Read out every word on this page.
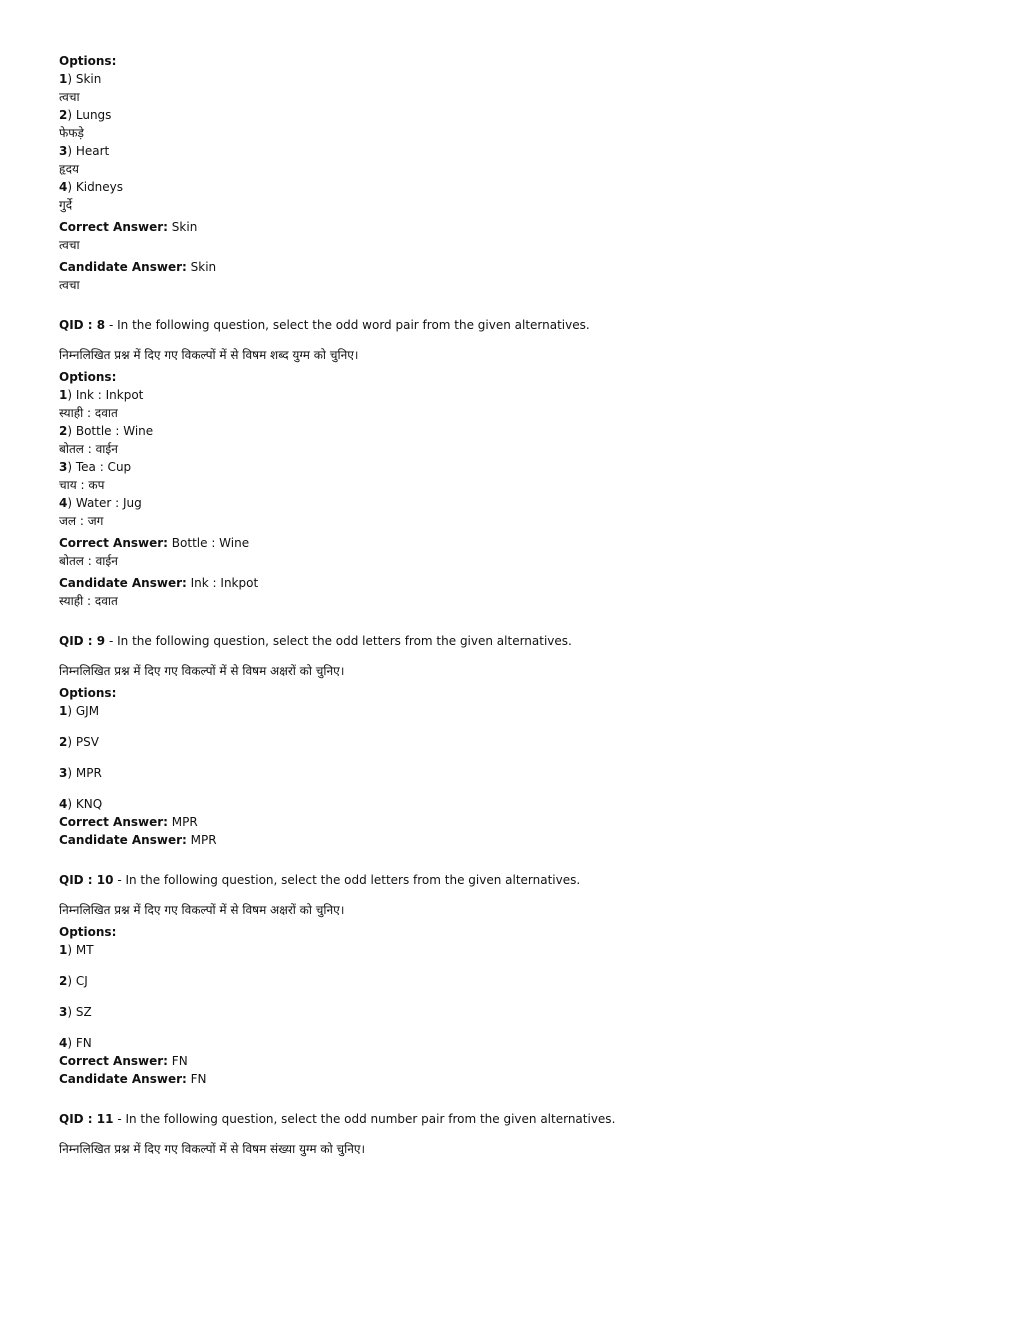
Options:
1) Skin
त्वचा
2) Lungs
फेफड़े
3) Heart
हृदय
4) Kidneys
गुर्दे
Correct Answer: Skin
त्वचा
Candidate Answer: Skin
त्वचा
QID : 8 - In the following question, select the odd word pair from the given alternatives.
निम्नलिखित प्रश्न में दिए गए विकल्पों में से विषम शब्द युग्म को चुनिए।
Options:
1) Ink : Inkpot
स्याही : दवात
2) Bottle : Wine
बोतल : वाईन
3) Tea : Cup
चाय : कप
4) Water : Jug
जल : जग
Correct Answer: Bottle : Wine
बोतल : वाईन
Candidate Answer: Ink : Inkpot
स्याही : दवात
QID : 9 - In the following question, select the odd letters from the given alternatives.
निम्नलिखित प्रश्न में दिए गए विकल्पों में से विषम अक्षरों को चुनिए।
Options:
1) GJM
2) PSV
3) MPR
4) KNQ
Correct Answer: MPR
Candidate Answer: MPR
QID : 10 - In the following question, select the odd letters from the given alternatives.
निम्नलिखित प्रश्न में दिए गए विकल्पों में से विषम अक्षरों को चुनिए।
Options:
1) MT
2) CJ
3) SZ
4) FN
Correct Answer: FN
Candidate Answer: FN
QID : 11 - In the following question, select the odd number pair from the given alternatives.
निम्नलिखित प्रश्न में दिए गए विकल्पों में से विषम संख्या युग्म को चुनिए।
